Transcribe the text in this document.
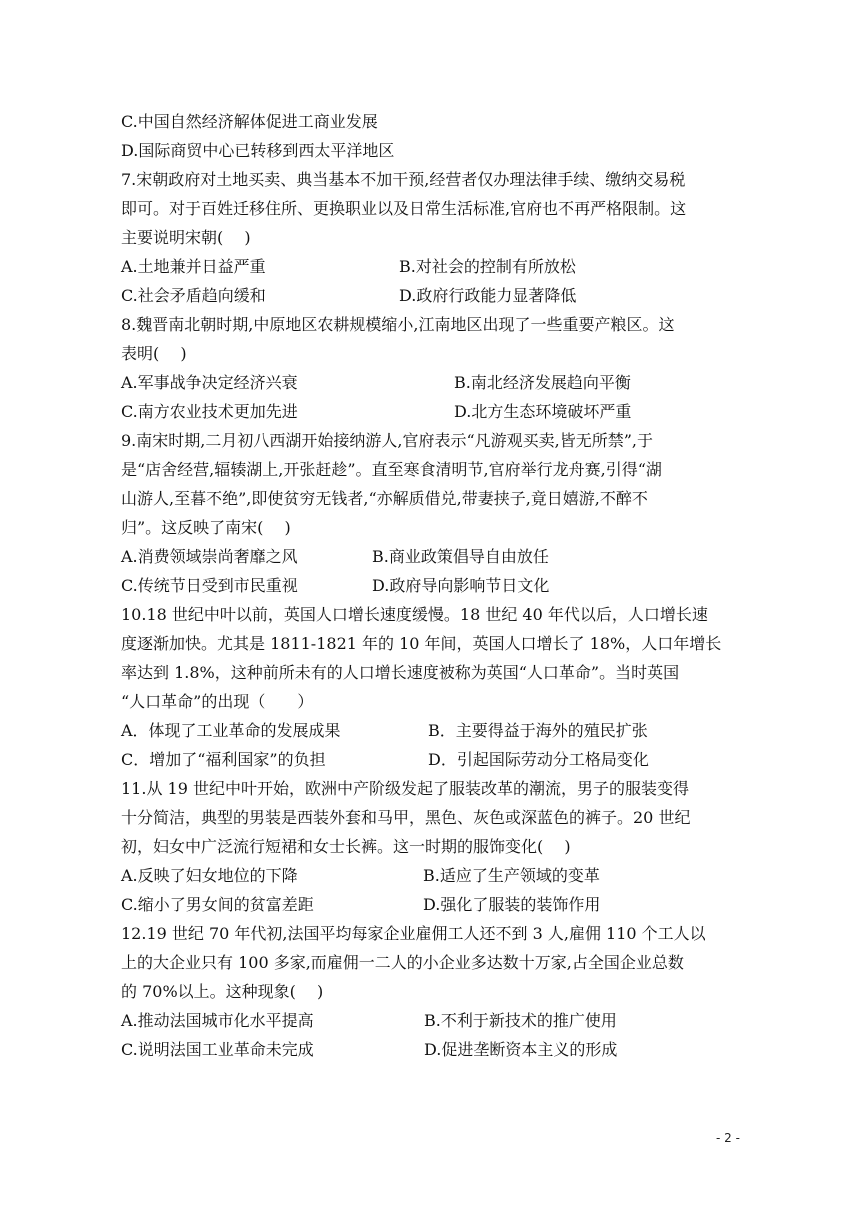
C.中国自然经济解体促进工商业发展
D.国际商贸中心已转移到西太平洋地区
7.宋朝政府对土地买卖、典当基本不加干预,经营者仅办理法律手续、缴纳交易税
即可。对于百姓迁移住所、更换职业以及日常生活标准,官府也不再严格限制。这
主要说明宋朝(　 )
A.土地兼并日益严重	B.对社会的控制有所放松
C.社会矛盾趋向缓和	D.政府行政能力显著降低
8.魏晋南北朝时期,中原地区农耕规模缩小,江南地区出现了一些重要产粮区。这
表明(　 )
A.军事战争决定经济兴衰	B.南北经济发展趋向平衡
C.南方农业技术更加先进	D.北方生态环境破坏严重
9.南宋时期,二月初八西湖开始接纳游人,官府表示“凡游观买卖,皆无所禁”,于
是“店舍经营,辐辏湖上,开张赶趁”。直至寒食清明节,官府举行龙舟赛,引得“湖
山游人,至暮不绝”,即使贫穷无钱者,“亦解质借兑,带妻挟子,竟日嬉游,不醉不
归”。这反映了南宋(　 )
A.消费领域崇尚奢靡之风	B.商业政策倡导自由放任
C.传统节日受到市民重视	D.政府导向影响节日文化
10.18 世纪中叶以前，英国人口增长速度缓慢。18 世纪 40 年代以后，人口增长速
度逐渐加快。尤其是 1811-1821 年的 10 年间，英国人口增长了 18%，人口年增长
率达到 1.8%，这种前所未有的人口增长速度被称为英国“人口革命”。当时英国
“人口革命”的出现（　　）
A．体现了工业革命的发展成果	B．主要得益于海外的殖民扩张
C．增加了“福利国家”的负担	D．引起国际劳动分工格局变化
11.从 19 世纪中叶开始，欧洲中产阶级发起了服装改革的潮流，男子的服装变得
十分简洁，典型的男装是西装外套和马甲，黑色、灰色或深蓝色的裤子。20 世纪
初，妇女中广泛流行短裙和女士长裤。这一时期的服饰变化(　 )
A.反映了妇女地位的下降	B.适应了生产领域的变革
C.缩小了男女间的贫富差距	D.强化了服装的装饰作用
12.19 世纪 70 年代初,法国平均每家企业雇佣工人还不到 3 人,雇佣 110 个工人以
上的大企业只有 100 多家,而雇佣一二人的小企业多达数十万家,占全国企业总数
的 70%以上。这种现象(　 )
A.推动法国城市化水平提高	B.不利于新技术的推广使用
C.说明法国工业革命未完成	D.促进垄断资本主义的形成
- 2 -
